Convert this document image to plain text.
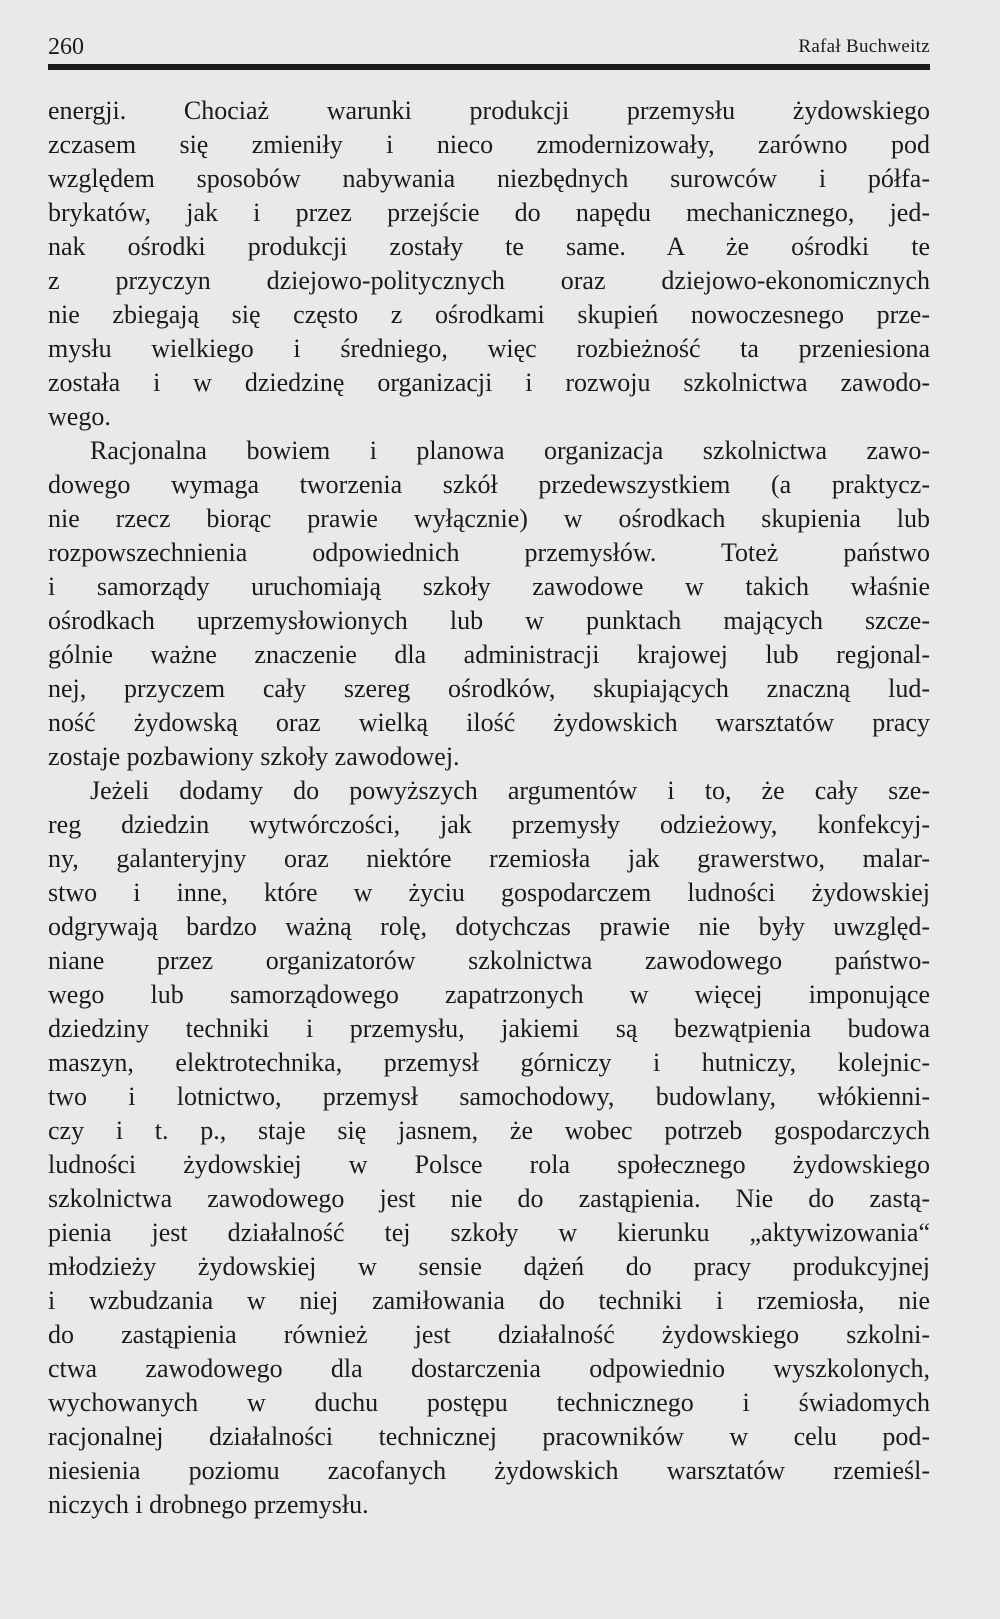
260	Rafał Buchweitz
energji. Chociaż warunki produkcji przemysłu żydowskiego
zczasem się zmieniły i nieco zmodernizowały, zarówno pod
względem sposobów nabywania niezbędnych surowców i półfa-
brykatów, jak i przez przejście do napędu mechanicznego, jed-
nak ośrodki produkcji zostały te same. A że ośrodki te
z przyczyn dziejowo-politycznych oraz dziejowo-ekonomicznych
nie zbiegają się często z ośrodkami skupień nowoczesnego prze-
mysłu wielkiego i średniego, więc rozbieżność ta przeniesiona
została i w dziedzinę organizacji i rozwoju szkolnictwa zawodo-
wego.
Racjonalna bowiem i planowa organizacja szkolnictwa zawo-
dowego wymaga tworzenia szkół przedewszystkiem (a praktycz-
nie rzecz biorąc prawie wyłącznie) w ośrodkach skupienia lub
rozpowszechnienia odpowiednich przemysłów. Toteż państwo
i samorządy uruchomiają szkoły zawodowe w takich właśnie
ośrodkach uprzemysłowionych lub w punktach mających szcze-
gólnie ważne znaczenie dla administracji krajowej lub regjonal-
nej, przyczem cały szereg ośrodków, skupiających znaczną lud-
ność żydowską oraz wielką ilość żydowskich warsztatów pracy
zostaje pozbawiony szkoły zawodowej.
Jeżeli dodamy do powyższych argumentów i to, że cały sze-
reg dziedzin wytwórczości, jak przemysły odzieżowy, konfekcyj-
ny, galanteryjny oraz niektóre rzemiosła jak grawerstwo, malar-
stwo i inne, które w życiu gospodarczem ludności żydowskiej
odgrywają bardzo ważną rolę, dotychczas prawie nie były uwzględ-
niane przez organizatorów szkolnictwa zawodowego państwo-
wego lub samorządowego zapatrzonych w więcej imponujące
dziedziny techniki i przemysłu, jakiemi są bezwątpienia budowa
maszyn, elektrotechnika, przemysł górniczy i hutniczy, kolejnic-
two i lotnictwo, przemysł samochodowy, budowlany, włókienni-
czy i t. p., staje się jasnem, że wobec potrzeb gospodarczych
ludności żydowskiej w Polsce rola społecznego żydowskiego
szkolnictwa zawodowego jest nie do zastąpienia. Nie do zastą-
pienia jest działalność tej szkoły w kierunku „aktywizowania“
młodzieży żydowskiej w sensie dążeń do pracy produkcyjnej
i wzbudzania w niej zamiłowania do techniki i rzemiosła, nie
do zastąpienia również jest działalność żydowskiego szkolni-
ctwa zawodowego dla dostarczenia odpowiednio wyszkolonych,
wychowanych w duchu postępu technicznego i świadomych
racjonalnej działalności technicznej pracowników w celu pod-
niesienia poziomu zacofanych żydowskich warsztatów rzemieśl-
niczych i drobnego przemysłu.
